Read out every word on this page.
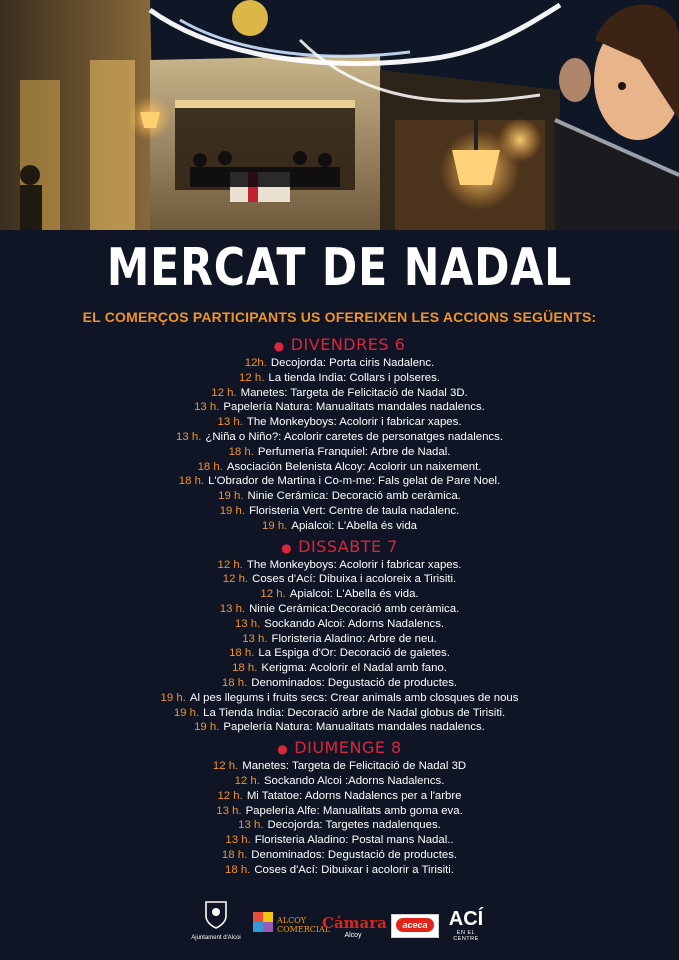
MERCAT DE NADAL
EL COMERÇOS PARTICIPANTS US OFEREIXEN LES ACCIONS SEGÜENTS:
● DIVENDRES 6
12h. Decojorda: Porta ciris Nadalenc.
12 h. La tienda India: Collars i polseres.
12 h. Manetes: Targeta de Felicitació de Nadal 3D.
13 h. Papelería Natura: Manualitats mandales nadalencs.
13 h. The Monkeyboys: Acolorir i fabricar xapes.
13 h. ¿Niña o Niño?: Acolorir caretes de personatges nadalencs.
18 h. Perfumería Franquiel: Arbre de Nadal.
18 h. Asociación Belenista Alcoy: Acolorir un naixement.
18 h. L'Obrador de Martina i Co-m-me: Fals gelat de Pare Noel.
19 h. Ninie Cerámica: Decoració amb ceràmica.
19 h. Floristeria Vert: Centre de taula nadalenc.
19 h. Apialcoi: L'Abella és vida
● DISSABTE 7
12 h. The Monkeyboys: Acolorir i fabricar xapes.
12 h. Coses d'Ací: Dibuixa i acoloreix a Tirisiti.
12 h. Apialcoi: L'Abella és vida.
13 h. Ninie Cerámica:Decoració amb ceràmica.
13 h. Sockando Alcoi: Adorns Nadalencs.
13 h. Floristeria Aladino: Arbre de neu.
18 h. La Espiga d'Or: Decoració de galetes.
18 h. Kerigma: Acolorir el Nadal amb fano.
18 h. Denominados: Degustació de productes.
19 h. Al pes llegums i fruits secs: Crear animals amb closques de nous
19 h. La Tienda India: Decoració arbre de Nadal globus de Tirisiti.
19 h. Papelería Natura: Manualitats mandales nadalencs.
● DIUMENGE 8
12 h. Manetes: Targeta de Felicitació de Nadal 3D
12 h. Sockando Alcoi :Adorns Nadalencs.
12 h. Mi Tatatoe: Adorns Nadalencs per a l'arbre
13 h. Papelería Alfe: Manualitats amb goma eva.
13 h. Decojorda: Targetes nadalenques.
13 h. Floristeria Aladino: Postal mans Nadal..
18 h. Denominados: Degustació de productes.
18 h. Coses d'Ací: Dibuixar i acolorir a Tirisiti.
Ajuntament d'Alcoi
ALCOY COMERCIAL
Cámara
Alcoy
aceca	ACÍ
EN EL CENTRE
